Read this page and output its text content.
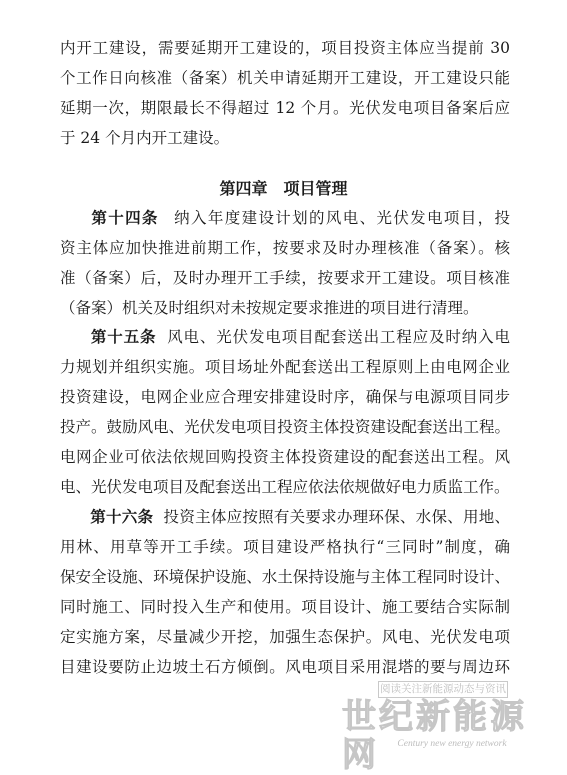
内开工建设，需要延期开工建设的，项目投资主体应当提前 30
个工作日向核准（备案）机关申请延期开工建设，开工建设只能
延期一次，期限最长不得超过 12 个月。光伏发电项目备案后应
于 24 个月内开工建设。
第四章　项目管理
第十四条 纳入年度建设计划的风电、光伏发电项目，投
资主体应加快推进前期工作，按要求及时办理核准（备案）。核
准（备案）后，及时办理开工手续，按要求开工建设。项目核准
（备案）机关及时组织对未按规定要求推进的项目进行清理。
第十五条 风电、光伏发电项目配套送出工程应及时纳入电
力规划并组织实施。项目场址外配套送出工程原则上由电网企业
投资建设，电网企业应合理安排建设时序，确保与电源项目同步
投产。鼓励风电、光伏发电项目投资主体投资建设配套送出工程。
电网企业可依法依规回购投资主体投资建设的配套送出工程。风
电、光伏发电项目及配套送出工程应依法依规做好电力质监工作。
第十六条 投资主体应按照有关要求办理环保、水保、用地、
用林、用草等开工手续。项目建设严格执行“三同时”制度，确
保安全设施、环境保护设施、水土保持设施与主体工程同时设计、
同时施工、同时投入生产和使用。项目设计、施工要结合实际制
定实施方案，尽量减少开挖，加强生态保护。风电、光伏发电项
目建设要防止边坡土石方倾倒。风电项目采用混塔的要与周边环
阅读关注新能源动态与资讯
世纪新能源网	Century new energy network
